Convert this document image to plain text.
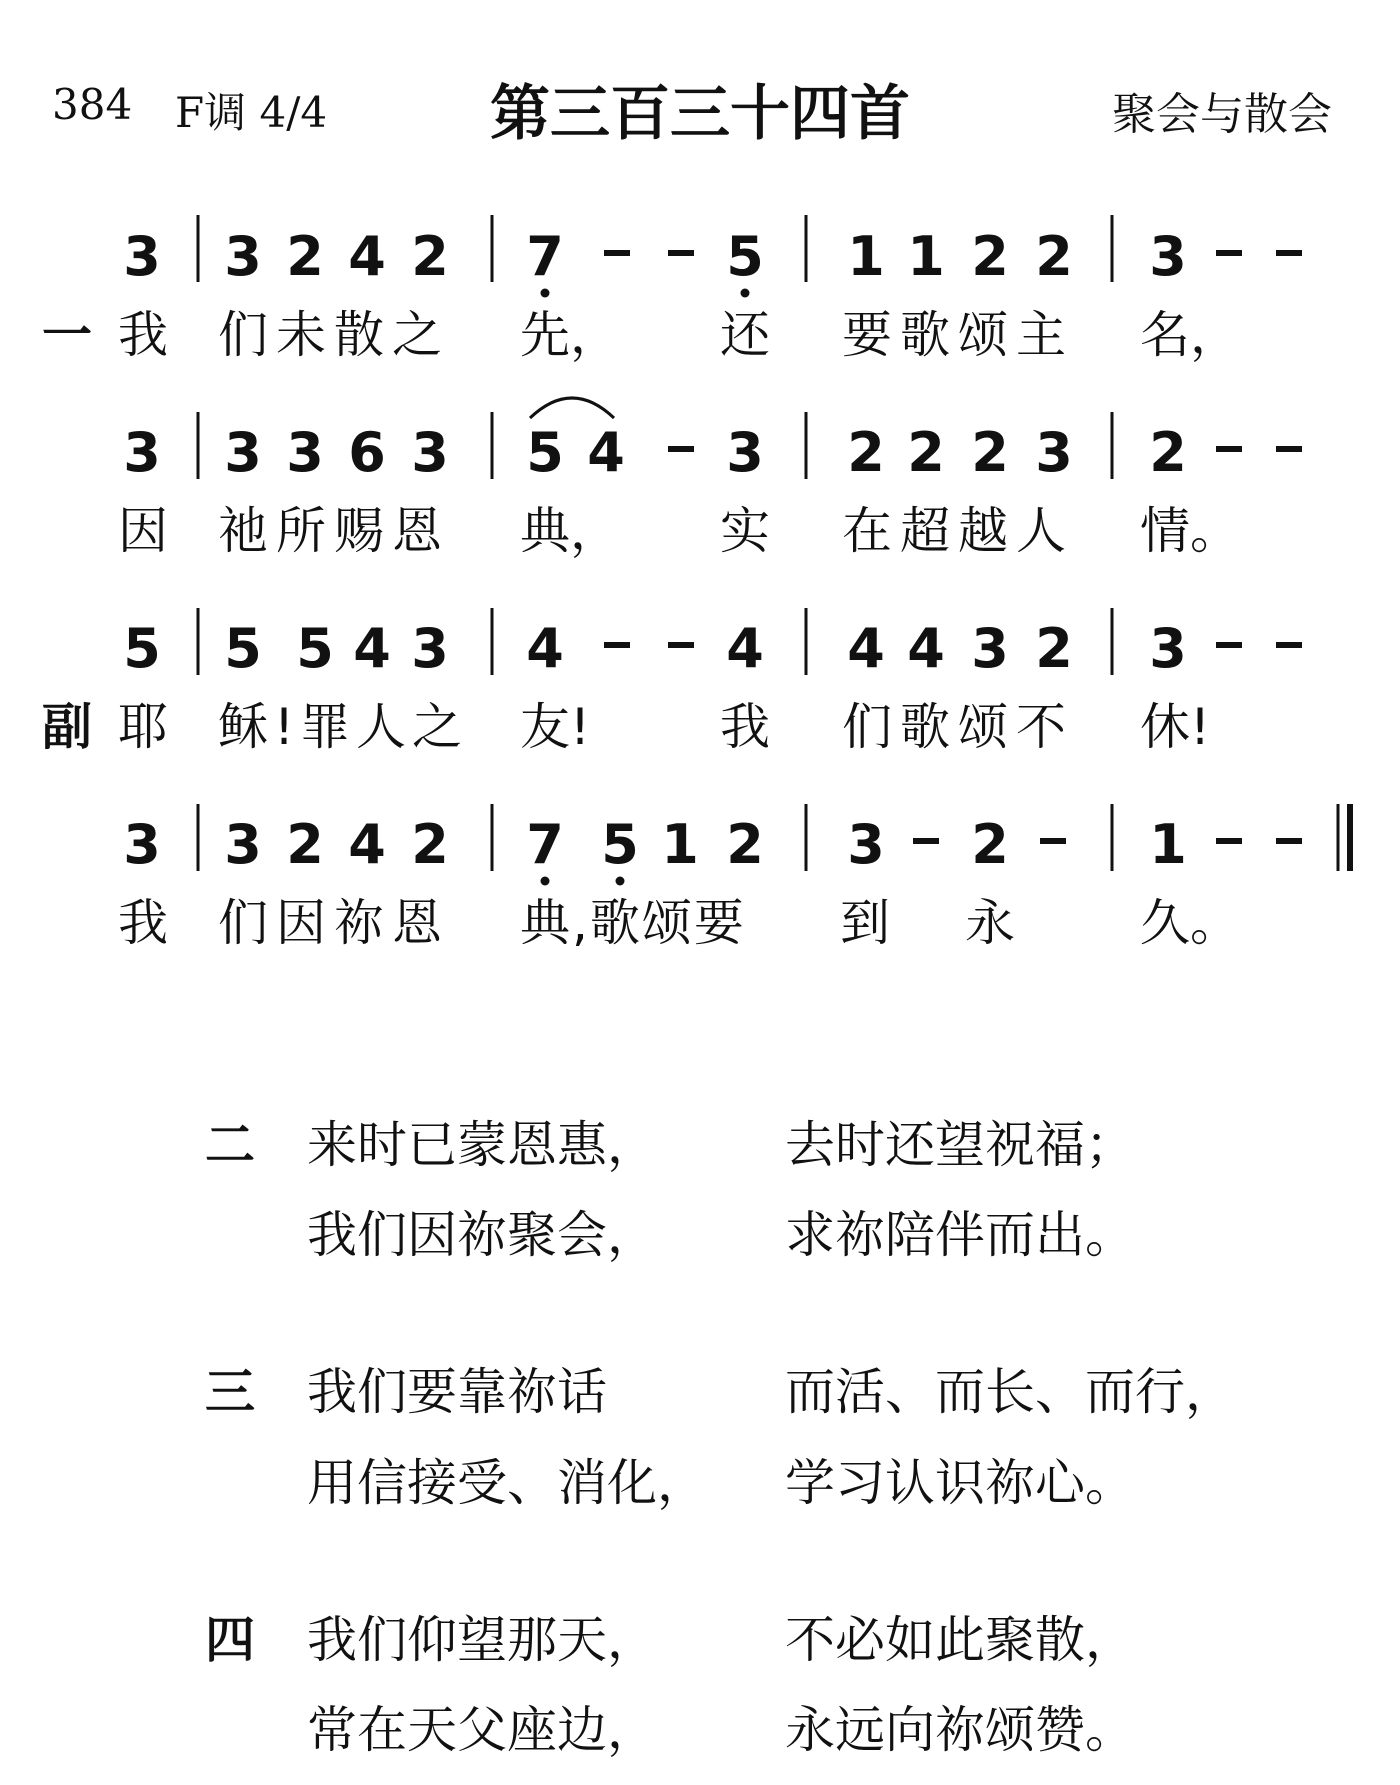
384 F调 4/4	第三百三十四首	聚会与散会
3 3 2 4 2 7	5 1 1 2 2 3
一 我 们未散之 先， 还 要歌颂主 名，
3 3 3 6 3 5 4 3 2 2 2 3 2
因 祂所赐恩 典， 实 在超越人 情。
5 5 5 4 3 4	4 4 4 3 2 3
副 耶 稣!罪人之 友!	我 们歌颂不 休!
3 3 2 4 2 7 5 1 2 3 2	1
我 们因祢恩 典,歌颂要 到 永	久。
二 来时已蒙恩惠，	去时还望祝福；
我们因祢聚会，	求祢陪伴而出。
三 我们要靠祢话	而活、而长、而行，
用信接受、消化， 学习认识祢心。
四 我们仰望那天，	不必如此聚散，
常在天父座边，	永远向祢颂赞。
